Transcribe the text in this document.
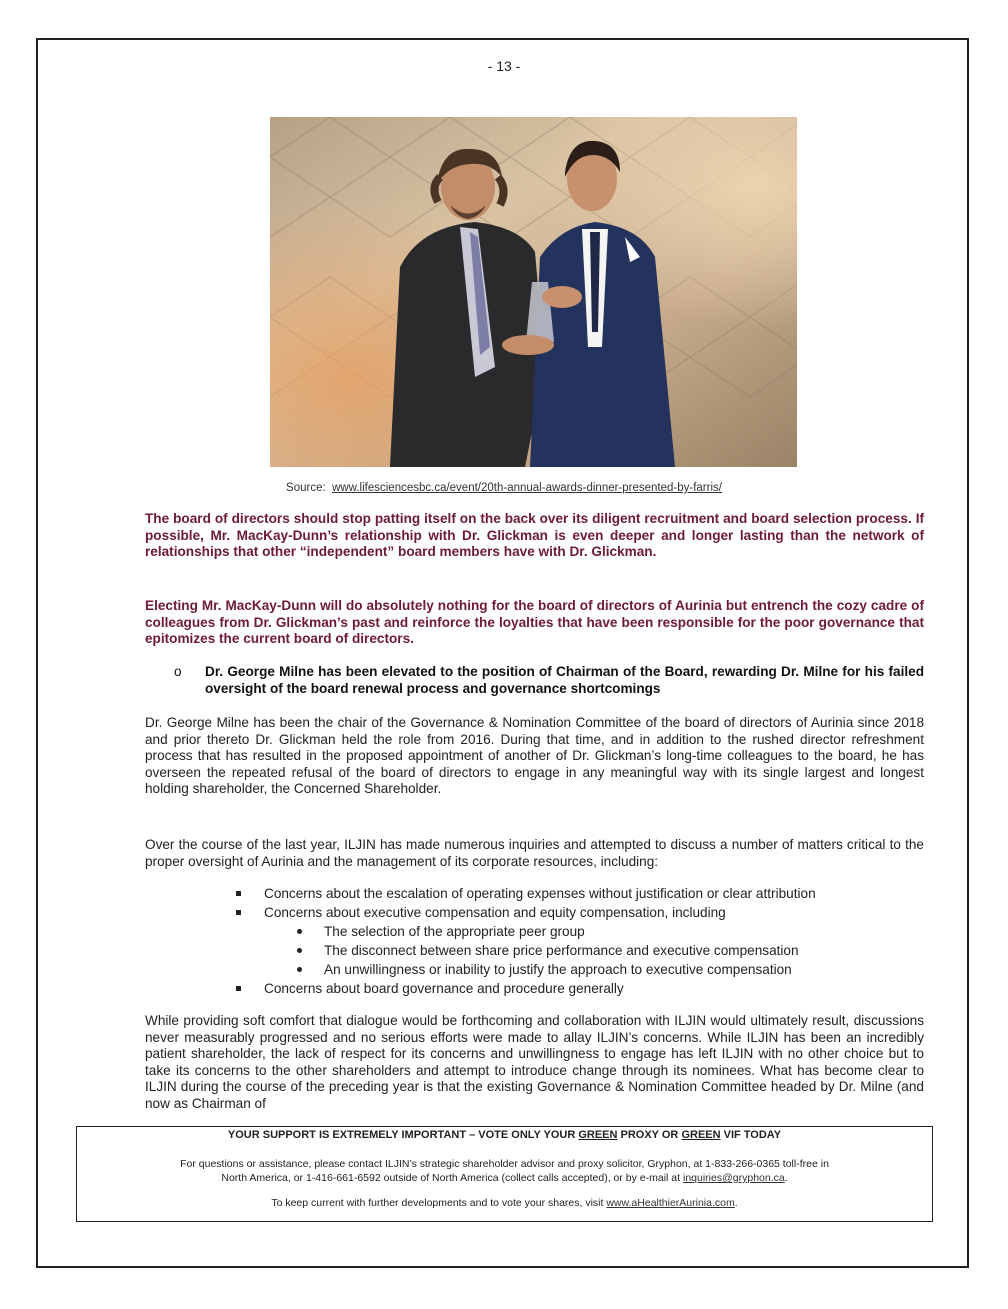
- 13 -
Source: www.lifesciencesbc.ca/event/20th-annual-awards-dinner-presented-by-farris/

The board of directors should stop patting itself on the back over its diligent recruitment and board selection process. If possible, Mr. MacKay-Dunn’s relationship with Dr. Glickman is even deeper and longer lasting than the network of relationships that other “independent” board members have with Dr. Glickman.

Electing Mr. MacKay-Dunn will do absolutely nothing for the board of directors of Aurinia but entrench the cozy cadre of colleagues from Dr. Glickman’s past and reinforce the loyalties that have been responsible for the poor governance that epitomizes the current board of directors.

o Dr. George Milne has been elevated to the position of Chairman of the Board, rewarding Dr. Milne for his failed oversight of the board renewal process and governance shortcomings

Dr. George Milne has been the chair of the Governance & Nomination Committee of the board of directors of Aurinia since 2018 and prior thereto Dr. Glickman held the role from 2016. During that time, and in addition to the rushed director refreshment process that has resulted in the proposed appointment of another of Dr. Glickman’s long-time colleagues to the board, he has overseen the repeated refusal of the board of directors to engage in any meaningful way with its single largest and longest holding shareholder, the Concerned Shareholder.

Over the course of the last year, ILJIN has made numerous inquiries and attempted to discuss a number of matters critical to the proper oversight of Aurinia and the management of its corporate resources, including:

Concerns about the escalation of operating expenses without justification or clear attribution
Concerns about executive compensation and equity compensation, including
The selection of the appropriate peer group
The disconnect between share price performance and executive compensation
An unwillingness or inability to justify the approach to executive compensation
Concerns about board governance and procedure generally

While providing soft comfort that dialogue would be forthcoming and collaboration with ILJIN would ultimately result, discussions never measurably progressed and no serious efforts were made to allay ILJIN’s concerns. While ILJIN has been an incredibly patient shareholder, the lack of respect for its concerns and unwillingness to engage has left ILJIN with no other choice but to take its concerns to the other shareholders and attempt to introduce change through its nominees. What has become clear to ILJIN during the course of the preceding year is that the existing Governance & Nomination Committee headed by Dr. Milne (and now as Chairman of

YOUR SUPPORT IS EXTREMELY IMPORTANT – VOTE ONLY YOUR GREEN PROXY OR GREEN VIF TODAY
For questions or assistance, please contact ILJIN’s strategic shareholder advisor and proxy solicitor, Gryphon, at 1-833-266-0365 toll-free in
North America, or 1-416-661-6592 outside of North America (collect calls accepted), or by e-mail at inquiries@gryphon.ca.
To keep current with further developments and to vote your shares, visit www.aHealthierAurinia.com.
